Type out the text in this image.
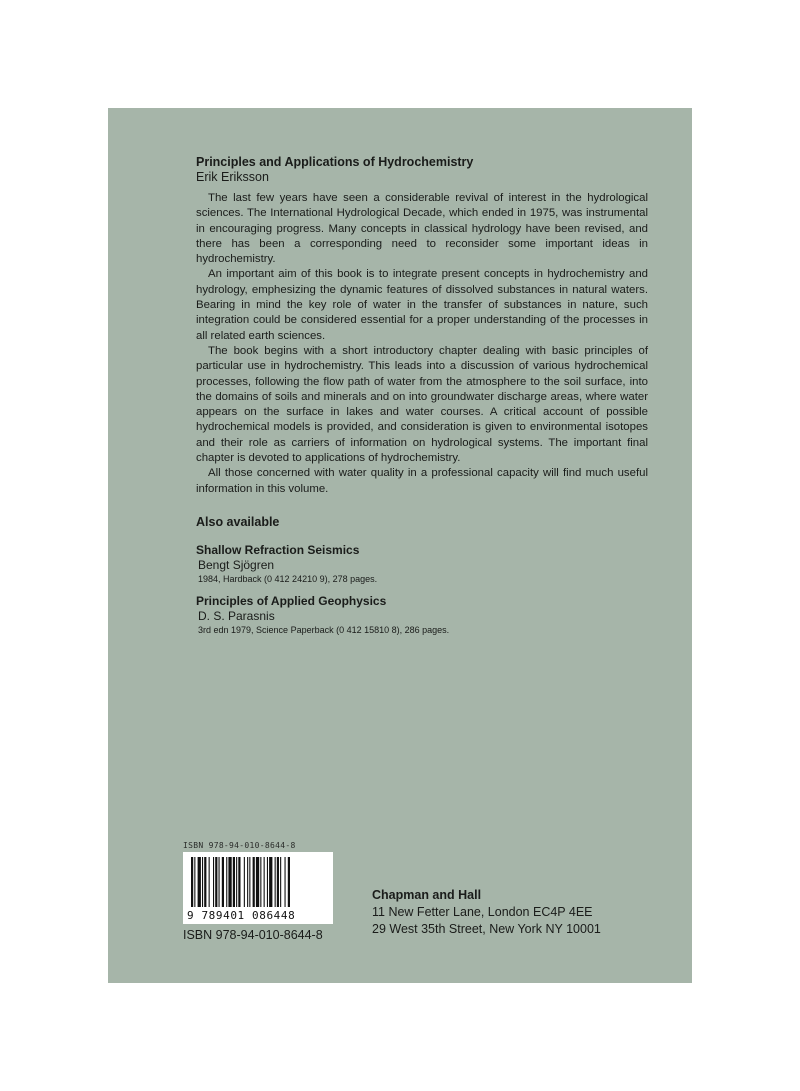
Principles and Applications of Hydrochemistry

Erik Eriksson

The last few years have seen a considerable revival of interest in the hydrological sciences. The International Hydrological Decade, which ended in 1975, was instrumental in encouraging progress. Many concepts in classical hydrology have been revised, and there has been a corresponding need to reconsider some important ideas in hydrochemistry.

An important aim of this book is to integrate present concepts in hydrochemistry and hydrology, emphesizing the dynamic features of dissolved substances in natural waters. Bearing in mind the key role of water in the transfer of substances in nature, such integration could be considered essential for a proper understanding of the processes in all related earth sciences.

The book begins with a short introductory chapter dealing with basic principles of particular use in hydrochemistry. This leads into a discussion of various hydrochemical processes, following the flow path of water from the atmosphere to the soil surface, into the domains of soils and minerals and on into groundwater discharge areas, where water appears on the surface in lakes and water courses. A critical account of possible hydrochemical models is provided, and consideration is given to environmental isotopes and their role as carriers of information on hydrological systems. The important final chapter is devoted to applications of hydrochemistry.

All those concerned with water quality in a professional capacity will find much useful information in this volume.

Also available
Shallow Refraction Seismics
Bengt Sjögren
1984, Hardback (0 412 24210 9), 278 pages.
Principles of Applied Geophysics
D. S. Parasnis
3rd edn 1979, Science Paperback (0 412 15810 8), 286 pages.
ISBN 978-94-010-8644-8
9 789401 086448
ISBN 978-94-010-8644-8
Chapman and Hall
11 New Fetter Lane, London EC4P 4EE
29 West 35th Street, New York NY 10001
